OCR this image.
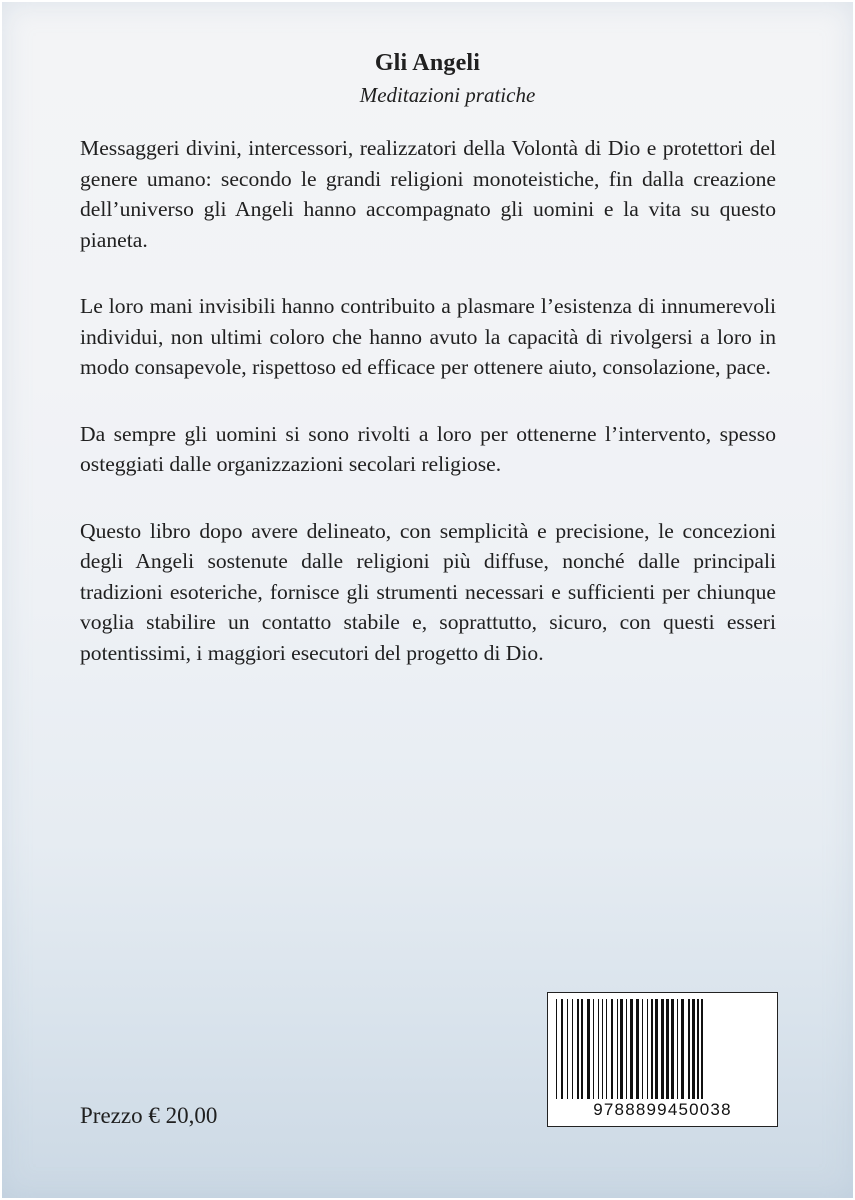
Gli Angeli
Meditazioni pratiche

Messaggeri divini, intercessori, realizzatori della Volontà di Dio e protettori del genere umano: secondo le grandi religioni monoteistiche, fin dalla creazione dell’universo gli Angeli hanno accompagnato gli uomini e la vita su questo pianeta.

Le loro mani invisibili hanno contribuito a plasmare l’esistenza di innumerevoli individui, non ultimi coloro che hanno avuto la capacità di rivolgersi a loro in modo consapevole, rispettoso ed efficace per ottenere aiuto, consolazione, pace.

Da sempre gli uomini si sono rivolti a loro per ottenerne l’intervento, spesso osteggiati dalle organizzazioni secolari religiose.

Questo libro dopo avere delineato, con semplicità e precisione, le concezioni degli Angeli sostenute dalle religioni più diffuse, nonché dalle principali tradizioni esoteriche, fornisce gli strumenti necessari e sufficienti per chiunque voglia stabilire un contatto stabile e, soprattutto, sicuro, con questi esseri potentissimi, i maggiori esecutori del progetto di Dio.

9788899450038
Prezzo € 20,00
